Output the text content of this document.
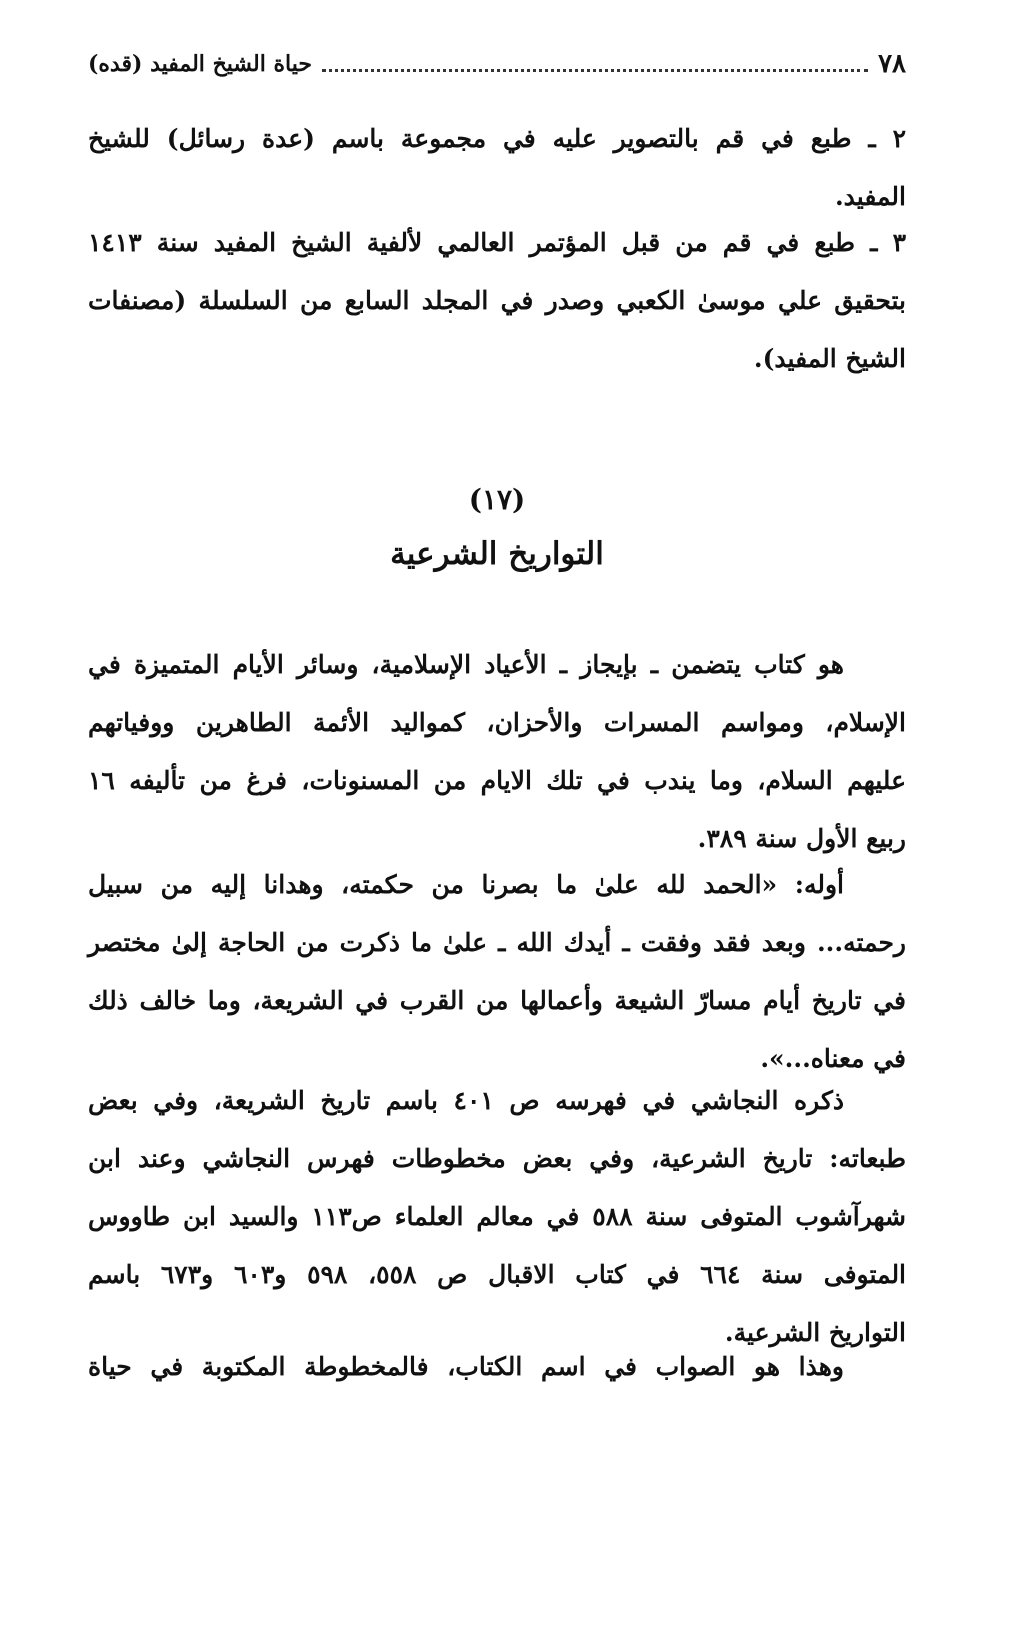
حياة الشيخ المفيد (قده)	٧٨
٢ ـ طبع في قم بالتصوير عليه في مجموعة باسم (عدة رسائل) للشيخ
المفيد.
٣ ـ طبع في قم من قبل المؤتمر العالمي لألفية الشيخ المفيد سنة ١٤١٣
بتحقيق علي موسىٰ الكعبي وصدر في المجلد السابع من السلسلة (مصنفات
الشيخ المفيد).
(١٧)
التواريخ الشرعية
هو كتاب يتضمن ـ بإيجاز ـ الأعياد الإسلامية، وسائر الأيام المتميزة في
الإسلام، ومواسم المسرات والأحزان، كمواليد الأئمة الطاهرين ووفياتهم
عليهم السلام، وما يندب في تلك الايام من المسنونات، فرغ من تأليفه ١٦
ربيع الأول سنة ٣٨٩.
أوله: «الحمد لله علىٰ ما بصرنا من حكمته، وهدانا إليه من سبيل
رحمته... وبعد فقد وفقت ـ أيدك الله ـ علىٰ ما ذكرت من الحاجة إلىٰ مختصر
في تاريخ أيام مسارّ الشيعة وأعمالها من القرب في الشريعة، وما خالف ذلك
في معناه...».
ذكره النجاشي في فهرسه ص ٤٠١ باسم تاريخ الشريعة، وفي بعض
طبعاته: تاريخ الشرعية، وفي بعض مخطوطات فهرس النجاشي وعند ابن
شهرآشوب المتوفى سنة ٥٨٨ في معالم العلماء ص١١٣ والسيد ابن طاووس
المتوفى سنة ٦٦٤ في كتاب الاقبال ص ٥٥٨، ٥٩٨ و٦٠٣ و٦٧٣ باسم
التواريخ الشرعية.
وهذا هو الصواب في اسم الكتاب، فالمخطوطة المكتوبة في حياة
